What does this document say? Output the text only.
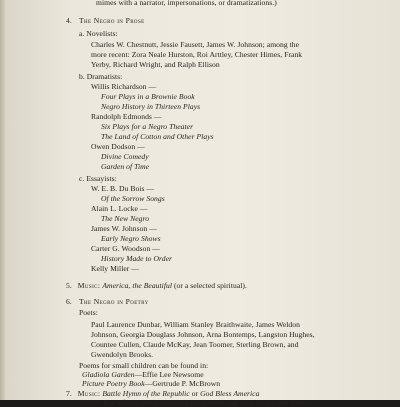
mimes with a narrator, impersonations, or dramatizations.)
4. The Negro in Prose
a. Novelists:
Charles W. Chestnutt, Jessie Fausett, James W. Johnson; among the
more recent: Zora Neale Hurston, Roi Arttley, Chester Himes, Frank
Yerby, Richard Wright, and Ralph Ellison
b. Dramatists:
Willis Richardson —
Four Plays in a Brownie Book
Negro History in Thirteen Plays
Randolph Edmonds —
Six Plays for a Negro Theater
The Land of Cotton and Other Plays
Owen Dodson —
Divine Comedy
Garden of Time
c. Essayists:
W. E. B. Du Bois —
Of the Sorrow Songs
Alain L. Locke —
The New Negro
James W. Johnson —
Early Negro Shows
Carter G. Woodson —
History Made to Order
Kelly Miller —
5. Music: America, the Beautiful (or a selected spiritual).
6. The Negro in Poetry
Poets:
Paul Laurence Dunbar, William Stanley Braithwaite, James Weldon
Johnson, Georgia Douglass Johnson, Arna Bontemps, Langston Hughes,
Countee Cullen, Claude McKay, Jean Toomer, Sterling Brown, and
Gwendolyn Brooks.
Poems for small children can be found in:
Gladiola Garden—Effie Lee Newsome
Picture Poetry Book—Gertrude P. McBrown
7. Music: Battle Hymn of the Republic or God Bless America
NOTE: For information concerning the authors and their works see: Ameri-
